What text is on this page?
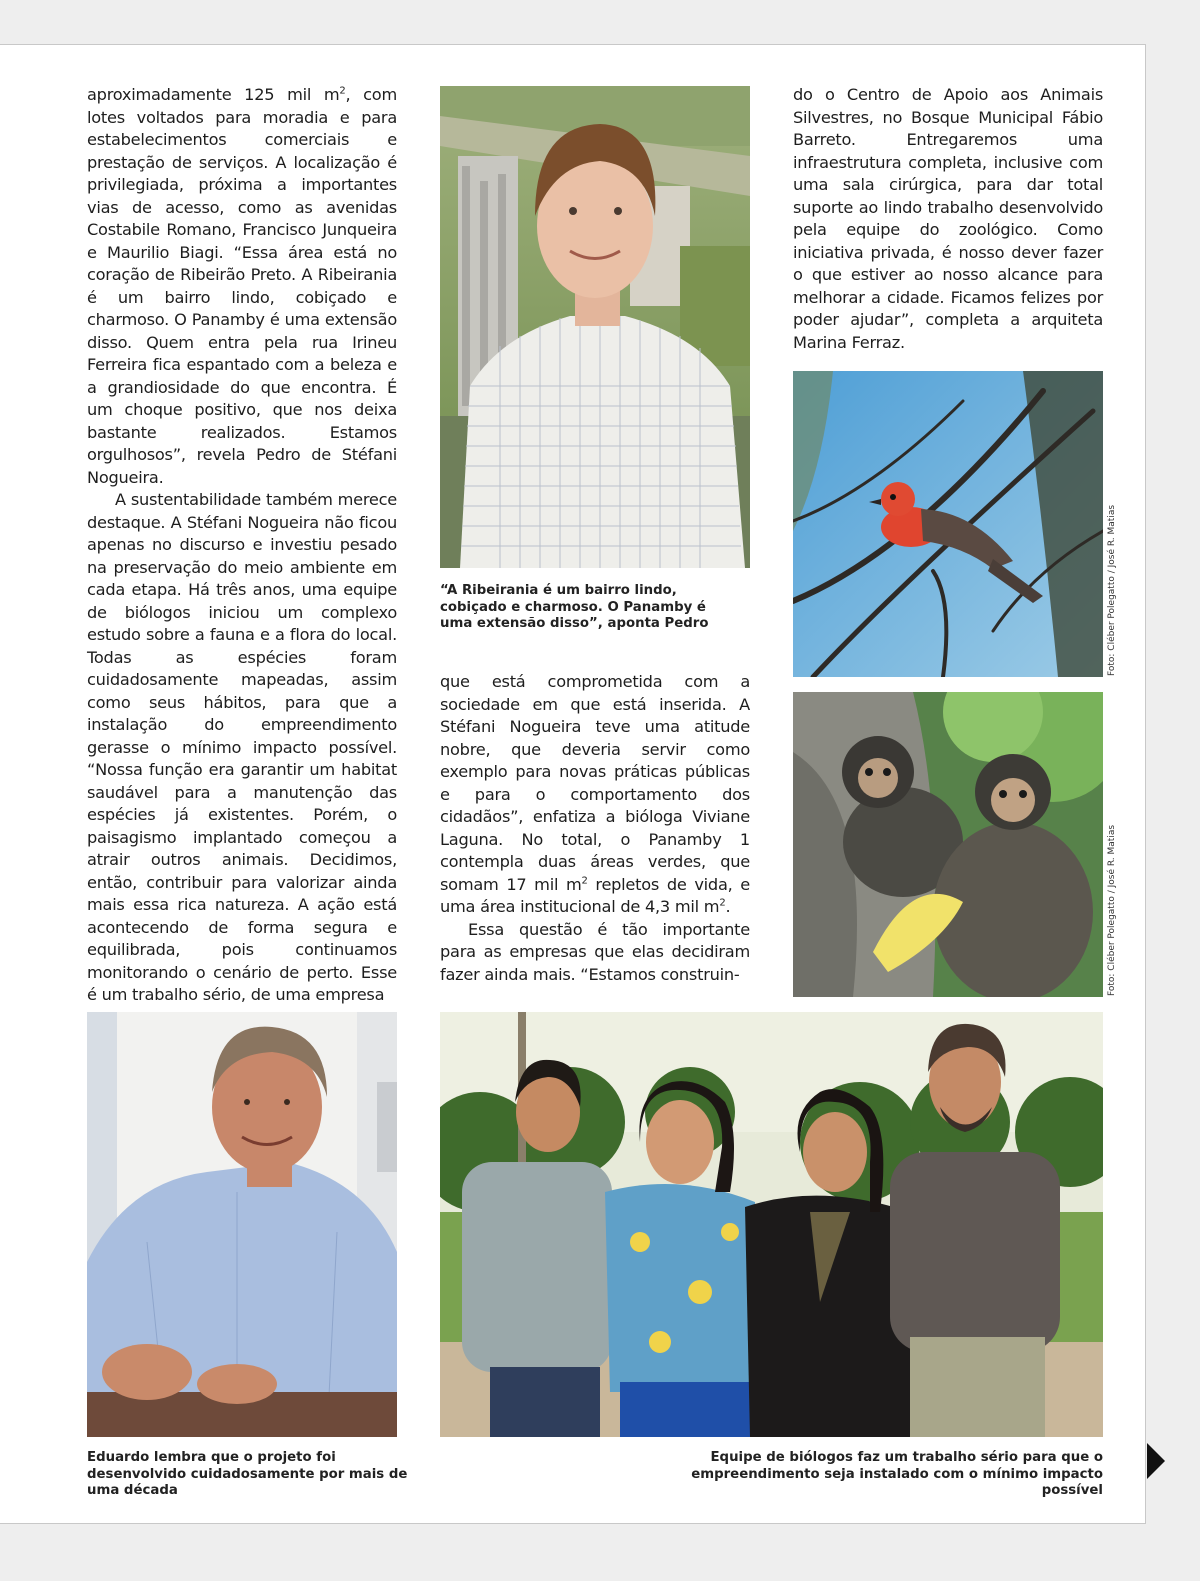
aproximadamente 125 mil $m^2$, com lotes voltados para moradia e para estabelecimentos comerciais e prestação de serviços. A localização é privilegiada, próxima a importantes vias de acesso, como as avenidas Costabile Romano, Francisco Junqueira e Maurilio Biagi. “Essa área está no coração de Ribeirão Preto. A Ribeirania é um bairro lindo, cobiçado e charmoso. O Panamby é uma extensão disso. Quem entra pela rua Irineu Ferreira fica espantado com a beleza e a grandiosidade do que encontra. É um choque positivo, que nos deixa bastante realizados. Estamos orgulhosos”, revela Pedro de Stéfani Nogueira.

A sustentabilidade também merece destaque. A Stéfani Nogueira não ficou apenas no discurso e investiu pesado na preservação do meio ambiente em cada etapa. Há três anos, uma equipe de biólogos iniciou um complexo estudo sobre a fauna e a flora do local. Todas as espécies foram cuidadosamente mapeadas, assim como seus hábitos, para que a instalação do empreendimento gerasse o mínimo impacto possível. “Nossa função era garantir um habitat saudável para a manutenção das espécies já existentes. Porém, o paisagismo implantado começou a atrair outros animais. Decidimos, então, contribuir para valorizar ainda mais essa rica natureza. A ação está acontecendo de forma segura e equilibrada, pois continuamos monitorando o cenário de perto. Esse é um trabalho sério, de uma empresa

“A Ribeirania é um bairro lindo, cobiçado e charmoso. O Panamby é uma extensão disso”, aponta Pedro

que está comprometida com a sociedade em que está inserida. A Stéfani Nogueira teve uma atitude nobre, que deveria servir como exemplo para novas práticas públicas e para o comportamento dos cidadãos”, enfatiza a bióloga Viviane Laguna. No total, o Panamby 1 contempla duas áreas verdes, que somam 17 mil $m^2$ repletos de vida, e uma área institucional de 4,3 mil $m^2$.

Essa questão é tão importante para as empresas que elas decidiram fazer ainda mais. “Estamos construin-

do o Centro de Apoio aos Animais Silvestres, no Bosque Municipal Fábio Barreto. Entregaremos uma infraestrutura completa, inclusive com uma sala cirúrgica, para dar total suporte ao lindo trabalho desenvolvido pela equipe do zoológico. Como iniciativa privada, é nosso dever fazer o que estiver ao nosso alcance para melhorar a cidade. Ficamos felizes por poder ajudar”, completa a arquiteta Marina Ferraz.

Foto: Cléber Polegatto / José R. Matias
Foto: Cléber Polegatto / José R. Matias
Eduardo lembra que o projeto foi desenvolvido cuidadosamente por mais de uma década
Equipe de biólogos faz um trabalho sério para que o empreendimento seja instalado com o mínimo impacto possível
